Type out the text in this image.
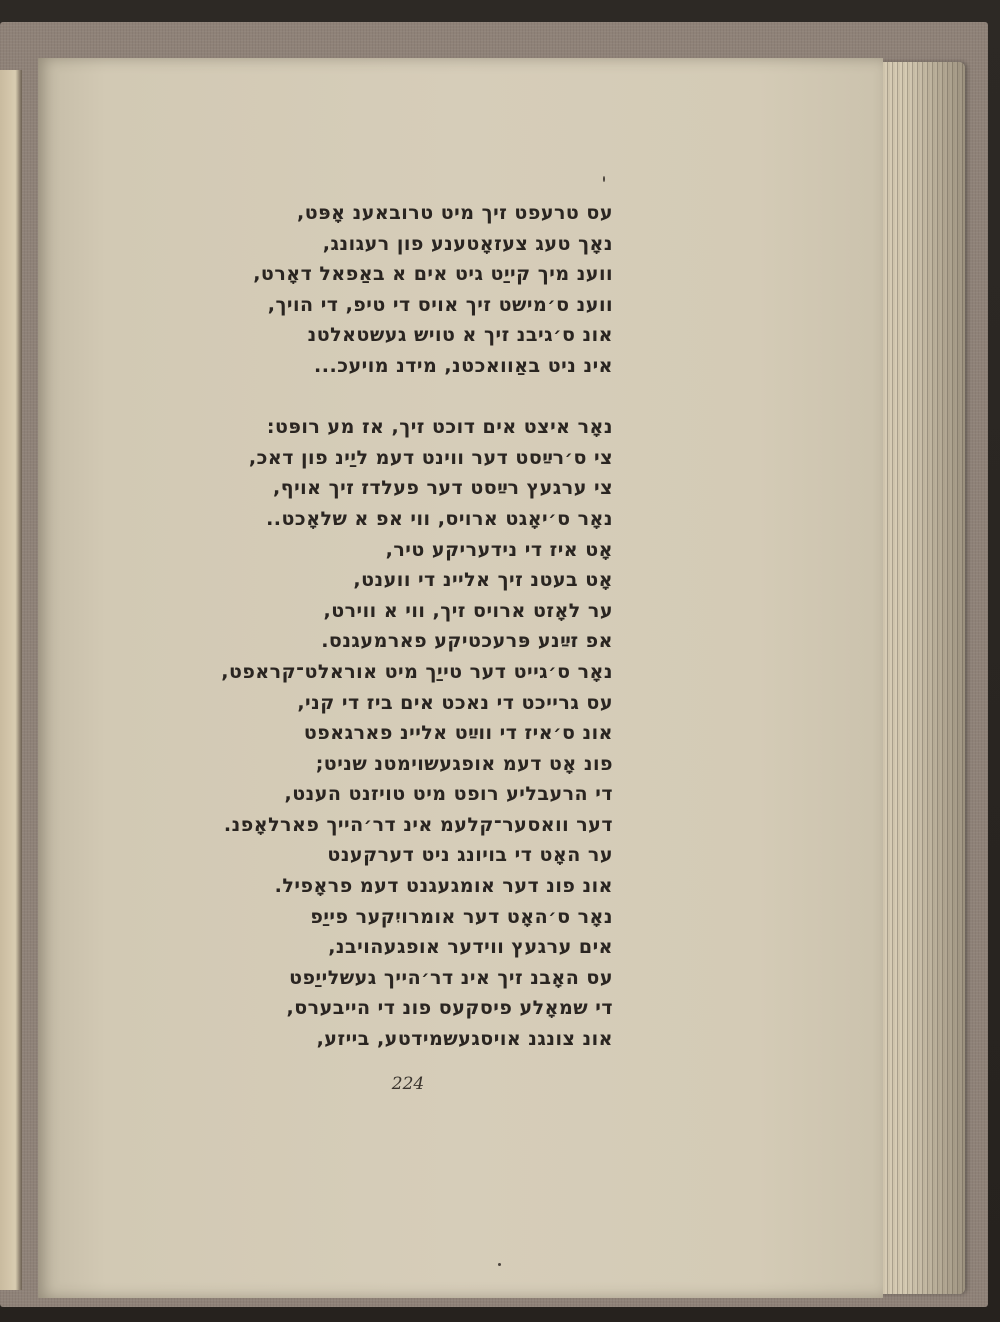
עס טרעפט זיך מיט טרובאענ אָפּט,
נאָך טעג צעזאָטענע פון רעגונג,
ווענ מיך קייַט גיט אים א באַפאל דאָרט,
ווענ ס׳מישט זיך אויס די טיפ, די הויך,
אונ ס׳גיבנ זיך א טויש געשטאלטנ
אינ ניט באַוואכטנ, מידנ מויעכ...
נאָר איצט אים דוכט זיך, אז מע רופּט:
צי ס׳רײַסט דער ווינט דעמ ליַינ פון דאכ,
צי ערגעץ רײַסט דער פעלדז זיך אויף,
נאָר ס׳יאָגט ארויס, ווי אפ א שלאָכט..
אָט איז די נידעריקע טיר,
אָט בעטנ זיך אליינ די ווענט,
ער לאָזט ארויס זיך, ווי א ווירט,
אפ זײַנע פּרעכטיקע פארמעגנס.
נאָר ס׳גייט דער טייַך מיט אוראלט־קראפט,
עס גרייכט די נאכט אים ביז די קני,
אונ ס׳איז די ווײַט אליינ פארגאפט
פונ אָט דעמ אופגעשוימטנ שניט;
די הרעבליע רופט מיט טויזנט הענט,
דער וואסער־קלעמ אינ דר׳הייך פארלאָפנ.
ער האָט די בויונג ניט דערקענט
אונ פונ דער אומגעגנט דעמ פראָפיל.
נאָר ס׳האָט דער אומרויִקער פייַפ
אים ערגעץ ווידער אופגעהויבנ,
עס האָבנ זיך אינ דר׳הייך געשלייַפט
די שמאָלע פיסקעס פונ די הייבערס,
אונ צונגנ אויסגעשמידטע, בייזע,
224
